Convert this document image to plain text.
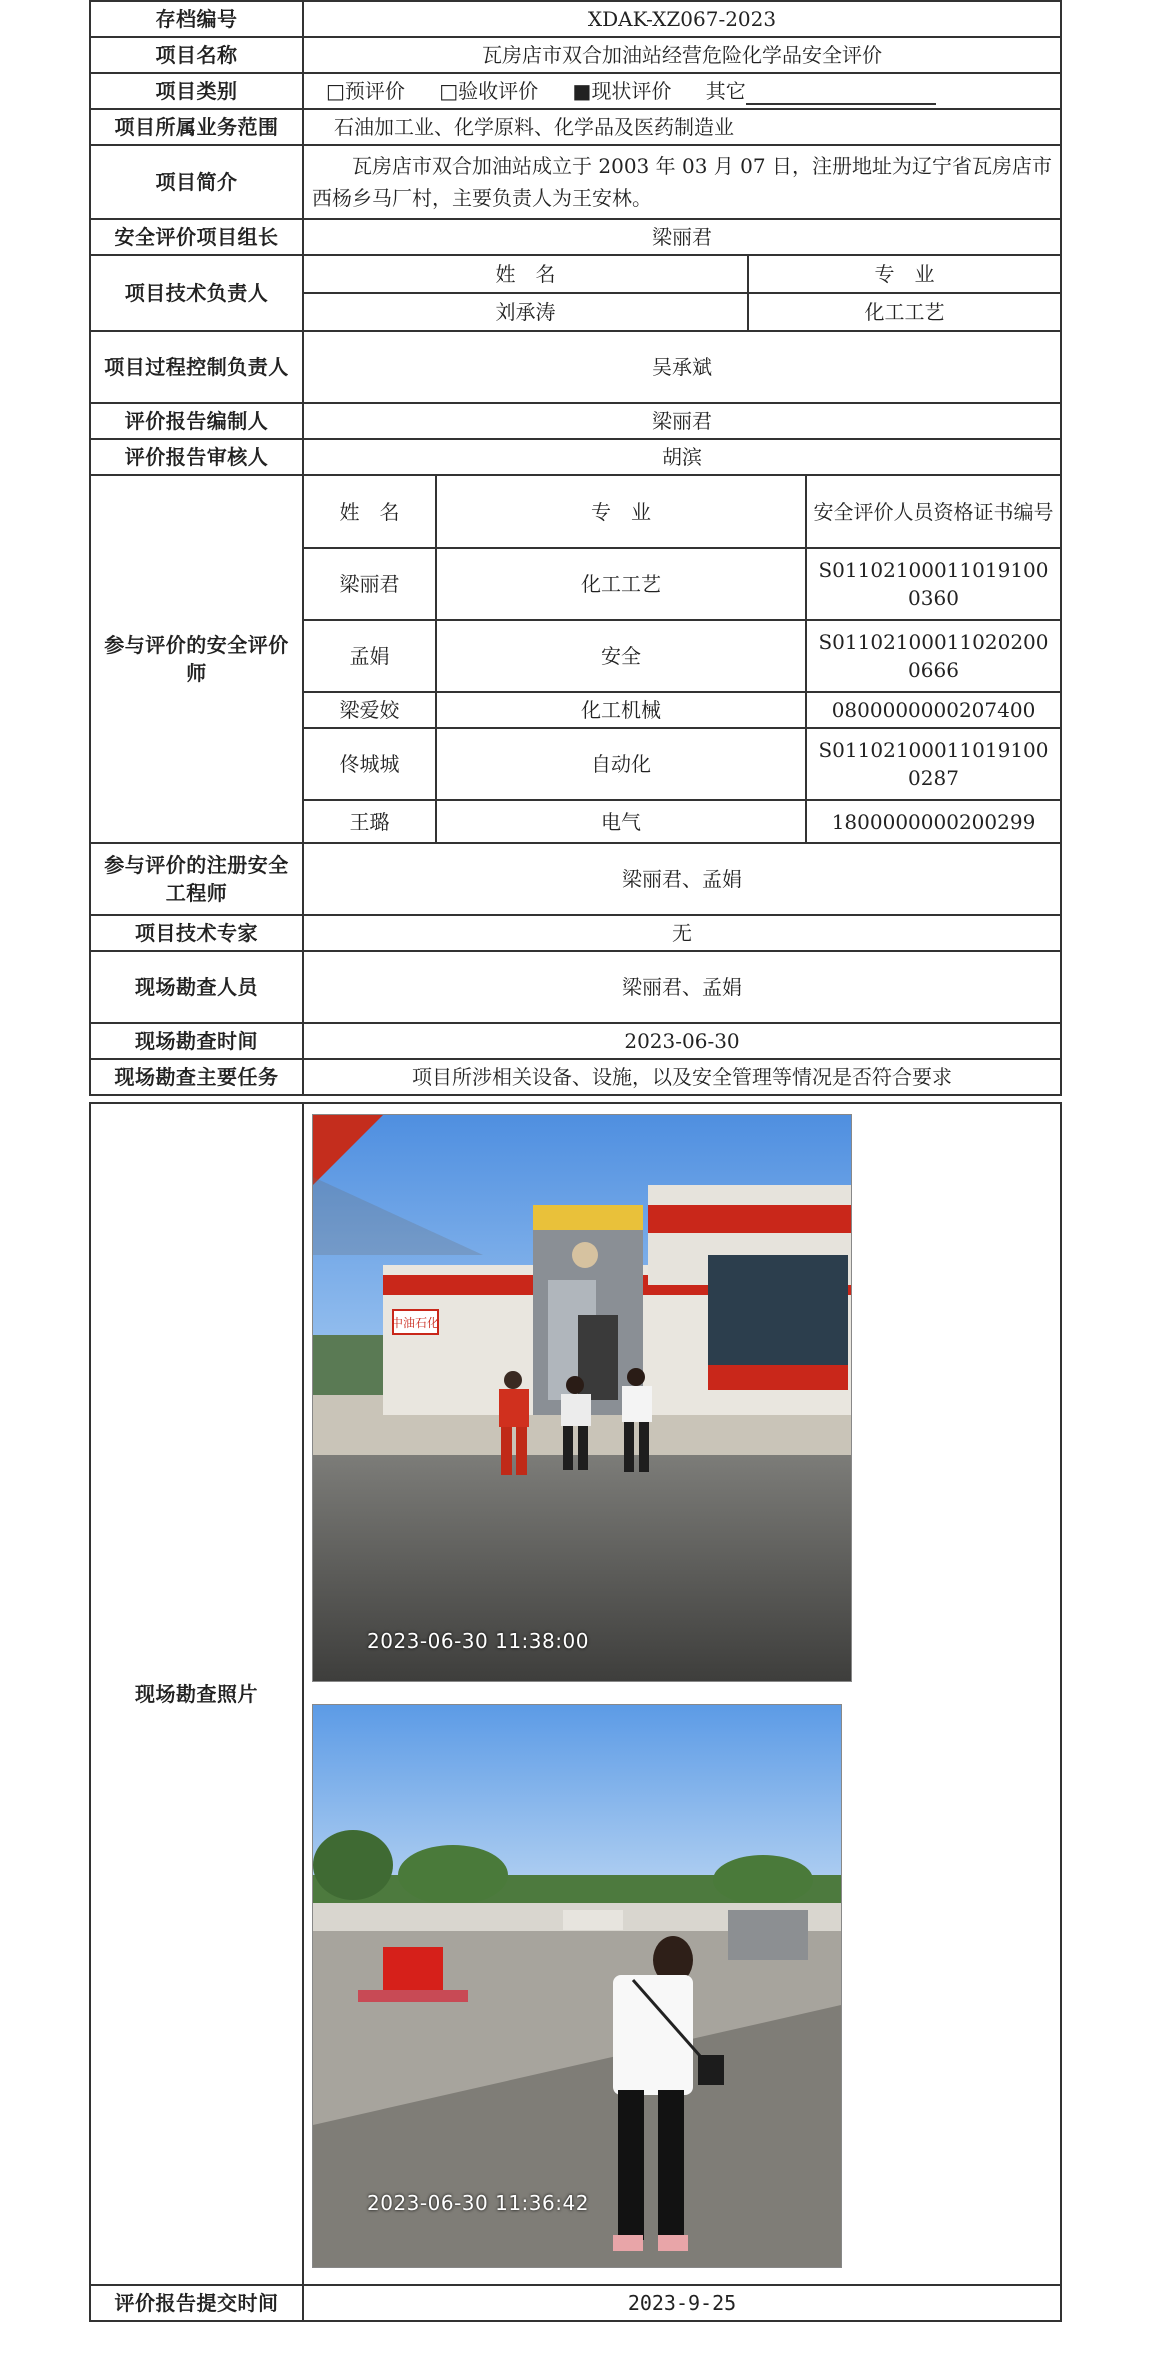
存档编号	XDAK-XZ067-2023
项目名称	瓦房店市双合加油站经营危险化学品安全评价
项目类别	□预评价 □验收评价 ■现状评价 其它
项目所属业务范围	石油加工业、化学原料、化学品及医药制造业
项目简介	瓦房店市双合加油站成立于 2003 年 03 月 07 日，注册地址为辽宁省瓦房店市西杨乡马厂村，主要负责人为王安林。
安全评价项目组长	梁丽君
项目技术负责人	
姓　名	专　业
刘承涛	化工工艺

项目过程控制负责人	吴承斌
评价报告编制人	梁丽君
评价报告审核人	胡滨
参与评价的安全评价师	
姓　名	专　业	安全评价人员资格证书编号
梁丽君	化工工艺	S011021000110191000360
孟娟	安全	S011021000110202000666
梁爱姣	化工机械	0800000000207400
佟城城	自动化	S011021000110191000287
王璐	电气	1800000000200299

参与评价的注册安全工程师	梁丽君、孟娟
项目技术专家	无
现场勘查人员	梁丽君、孟娟
现场勘查时间	2023-06-30
现场勘查主要任务	项目所涉相关设备、设施，以及安全管理等情况是否符合要求
现场勘查照片	中油石化
2023-06-30 11:38:00
2023-06-30 11:36:42

评价报告提交时间	2023-9-25
